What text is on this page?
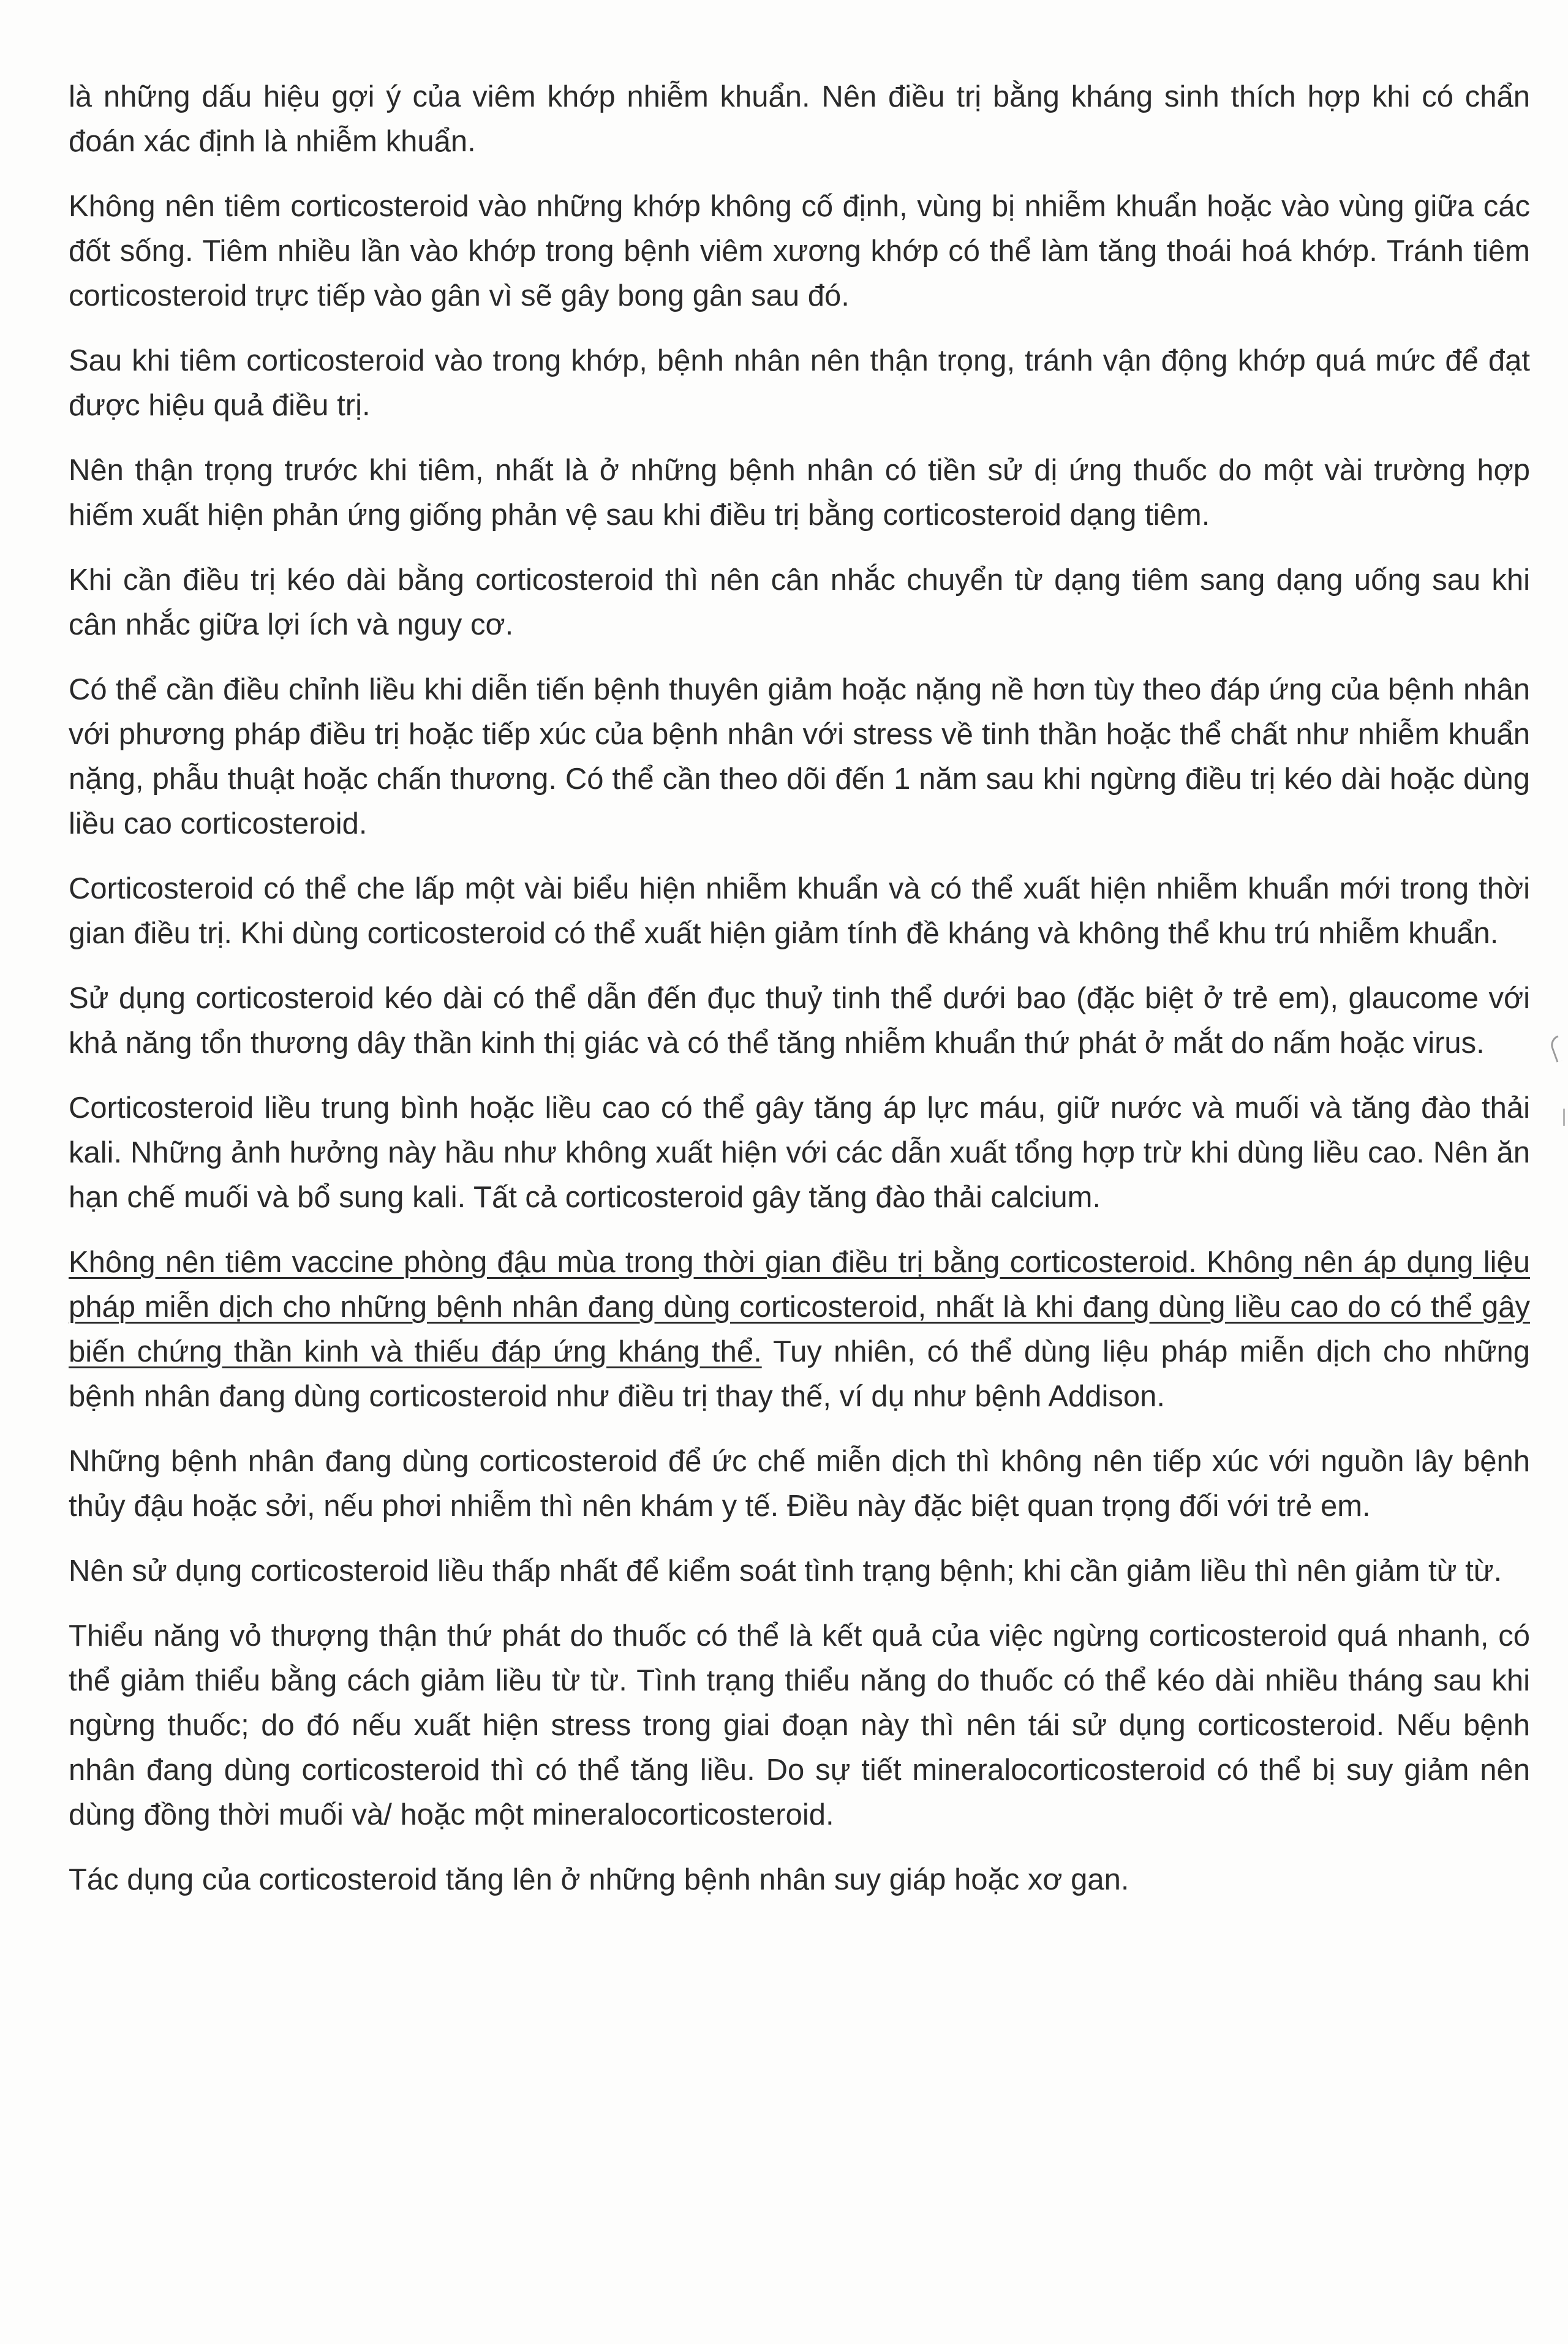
là những dấu hiệu gợi ý của viêm khớp nhiễm khuẩn. Nên điều trị bằng kháng sinh thích hợp khi có chẩn đoán xác định là nhiễm khuẩn.

Không nên tiêm corticosteroid vào những khớp không cố định, vùng bị nhiễm khuẩn hoặc vào vùng giữa các đốt sống. Tiêm nhiều lần vào khớp trong bệnh viêm xương khớp có thể làm tăng thoái hoá khớp. Tránh tiêm corticosteroid trực tiếp vào gân vì sẽ gây bong gân sau đó.

Sau khi tiêm corticosteroid vào trong khớp, bệnh nhân nên thận trọng, tránh vận động khớp quá mức để đạt được hiệu quả điều trị.

Nên thận trọng trước khi tiêm, nhất là ở những bệnh nhân có tiền sử dị ứng thuốc do một vài trường hợp hiếm xuất hiện phản ứng giống phản vệ sau khi điều trị bằng corticosteroid dạng tiêm.

Khi cần điều trị kéo dài bằng corticosteroid thì nên cân nhắc chuyển từ dạng tiêm sang dạng uống sau khi cân nhắc giữa lợi ích và nguy cơ.

Có thể cần điều chỉnh liều khi diễn tiến bệnh thuyên giảm hoặc nặng nề hơn tùy theo đáp ứng của bệnh nhân với phương pháp điều trị hoặc tiếp xúc của bệnh nhân với stress về tinh thần hoặc thể chất như nhiễm khuẩn nặng, phẫu thuật hoặc chấn thương. Có thể cần theo dõi đến 1 năm sau khi ngừng điều trị kéo dài hoặc dùng liều cao corticosteroid.

Corticosteroid có thể che lấp một vài biểu hiện nhiễm khuẩn và có thể xuất hiện nhiễm khuẩn mới trong thời gian điều trị. Khi dùng corticosteroid có thể xuất hiện giảm tính đề kháng và không thể khu trú nhiễm khuẩn.

Sử dụng corticosteroid kéo dài có thể dẫn đến đục thuỷ tinh thể dưới bao (đặc biệt ở trẻ em), glaucome với khả năng tổn thương dây thần kinh thị giác và có thể tăng nhiễm khuẩn thứ phát ở mắt do nấm hoặc virus.

Corticosteroid liều trung bình hoặc liều cao có thể gây tăng áp lực máu, giữ nước và muối và tăng đào thải kali. Những ảnh hưởng này hầu như không xuất hiện với các dẫn xuất tổng hợp trừ khi dùng liều cao. Nên ăn hạn chế muối và bổ sung kali. Tất cả corticosteroid gây tăng đào thải calcium.

Không nên tiêm vaccine phòng đậu mùa trong thời gian điều trị bằng corticosteroid. Không nên áp dụng liệu pháp miễn dịch cho những bệnh nhân đang dùng corticosteroid, nhất là khi đang dùng liều cao do có thể gây biến chứng thần kinh và thiếu đáp ứng kháng thể. Tuy nhiên, có thể dùng liệu pháp miễn dịch cho những bệnh nhân đang dùng corticosteroid như điều trị thay thế, ví dụ như bệnh Addison.

Những bệnh nhân đang dùng corticosteroid để ức chế miễn dịch thì không nên tiếp xúc với nguồn lây bệnh thủy đậu hoặc sởi, nếu phơi nhiễm thì nên khám y tế. Điều này đặc biệt quan trọng đối với trẻ em.

Nên sử dụng corticosteroid liều thấp nhất để kiểm soát tình trạng bệnh; khi cần giảm liều thì nên giảm từ từ.

Thiểu năng vỏ thượng thận thứ phát do thuốc có thể là kết quả của việc ngừng corticosteroid quá nhanh, có thể giảm thiểu bằng cách giảm liều từ từ. Tình trạng thiểu năng do thuốc có thể kéo dài nhiều tháng sau khi ngừng thuốc; do đó nếu xuất hiện stress trong giai đoạn này thì nên tái sử dụng corticosteroid. Nếu bệnh nhân đang dùng corticosteroid thì có thể tăng liều. Do sự tiết mineralocorticosteroid có thể bị suy giảm nên dùng đồng thời muối và/ hoặc một mineralocorticosteroid.

Tác dụng của corticosteroid tăng lên ở những bệnh nhân suy giáp hoặc xơ gan.
